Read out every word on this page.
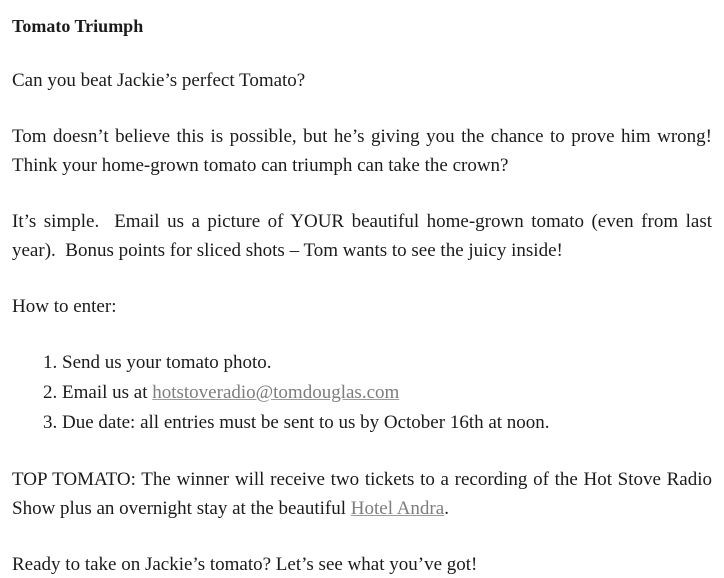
Tomato Triumph

Can you beat Jackie’s perfect Tomato?

Tom doesn’t believe this is possible, but he’s giving you the chance to prove him wrong! Think your home-grown tomato can triumph can take the crown?

It’s simple.  Email us a picture of YOUR beautiful home-grown tomato (even from last year).  Bonus points for sliced shots – Tom wants to see the juicy inside!

How to enter:

1. Send us your tomato photo.
2. Email us at hotstoveradio@tomdouglas.com
3. Due date: all entries must be sent to us by October 16th at noon.

TOP TOMATO: The winner will receive two tickets to a recording of the Hot Stove Radio Show plus an overnight stay at the beautiful Hotel Andra.

Ready to take on Jackie’s tomato? Let’s see what you’ve got!
